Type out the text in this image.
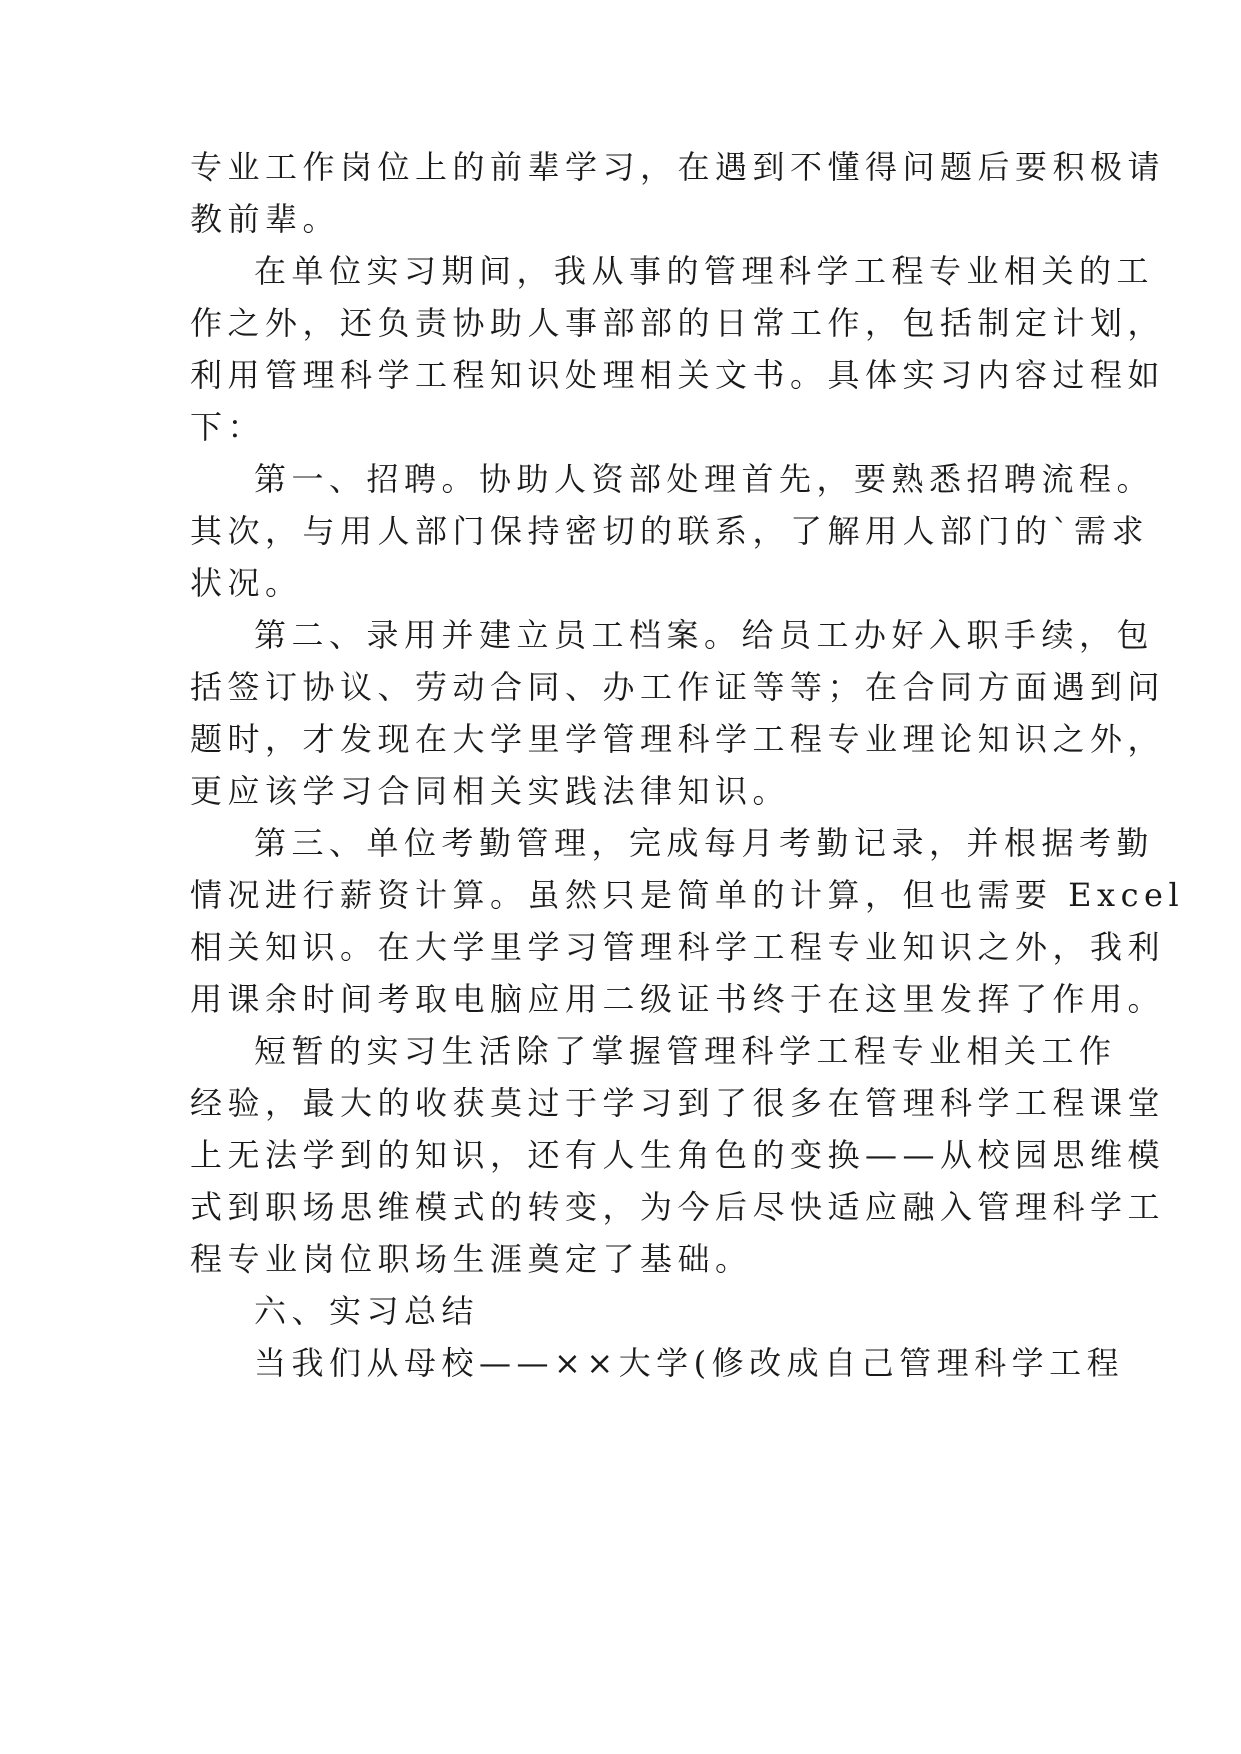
专业工作岗位上的前辈学习，在遇到不懂得问题后要积极请
教前辈。
在单位实习期间，我从事的管理科学工程专业相关的工
作之外，还负责协助人事部部的日常工作，包括制定计划，
利用管理科学工程知识处理相关文书。具体实习内容过程如
下：
第一、招聘。协助人资部处理首先，要熟悉招聘流程。
其次，与用人部门保持密切的联系，了解用人部门的`需求
状况。
第二、录用并建立员工档案。给员工办好入职手续，包
括签订协议、劳动合同、办工作证等等；在合同方面遇到问
题时，才发现在大学里学管理科学工程专业理论知识之外，
更应该学习合同相关实践法律知识。
第三、单位考勤管理，完成每月考勤记录，并根据考勤
情况进行薪资计算。虽然只是简单的计算，但也需要 Excel
相关知识。在大学里学习管理科学工程专业知识之外，我利
用课余时间考取电脑应用二级证书终于在这里发挥了作用。
短暂的实习生活除了掌握管理科学工程专业相关工作
经验，最大的收获莫过于学习到了很多在管理科学工程课堂
上无法学到的知识，还有人生角色的变换——从校园思维模
式到职场思维模式的转变，为今后尽快适应融入管理科学工
程专业岗位职场生涯奠定了基础。
六、实习总结
当我们从母校——××大学(修改成自己管理科学工程
